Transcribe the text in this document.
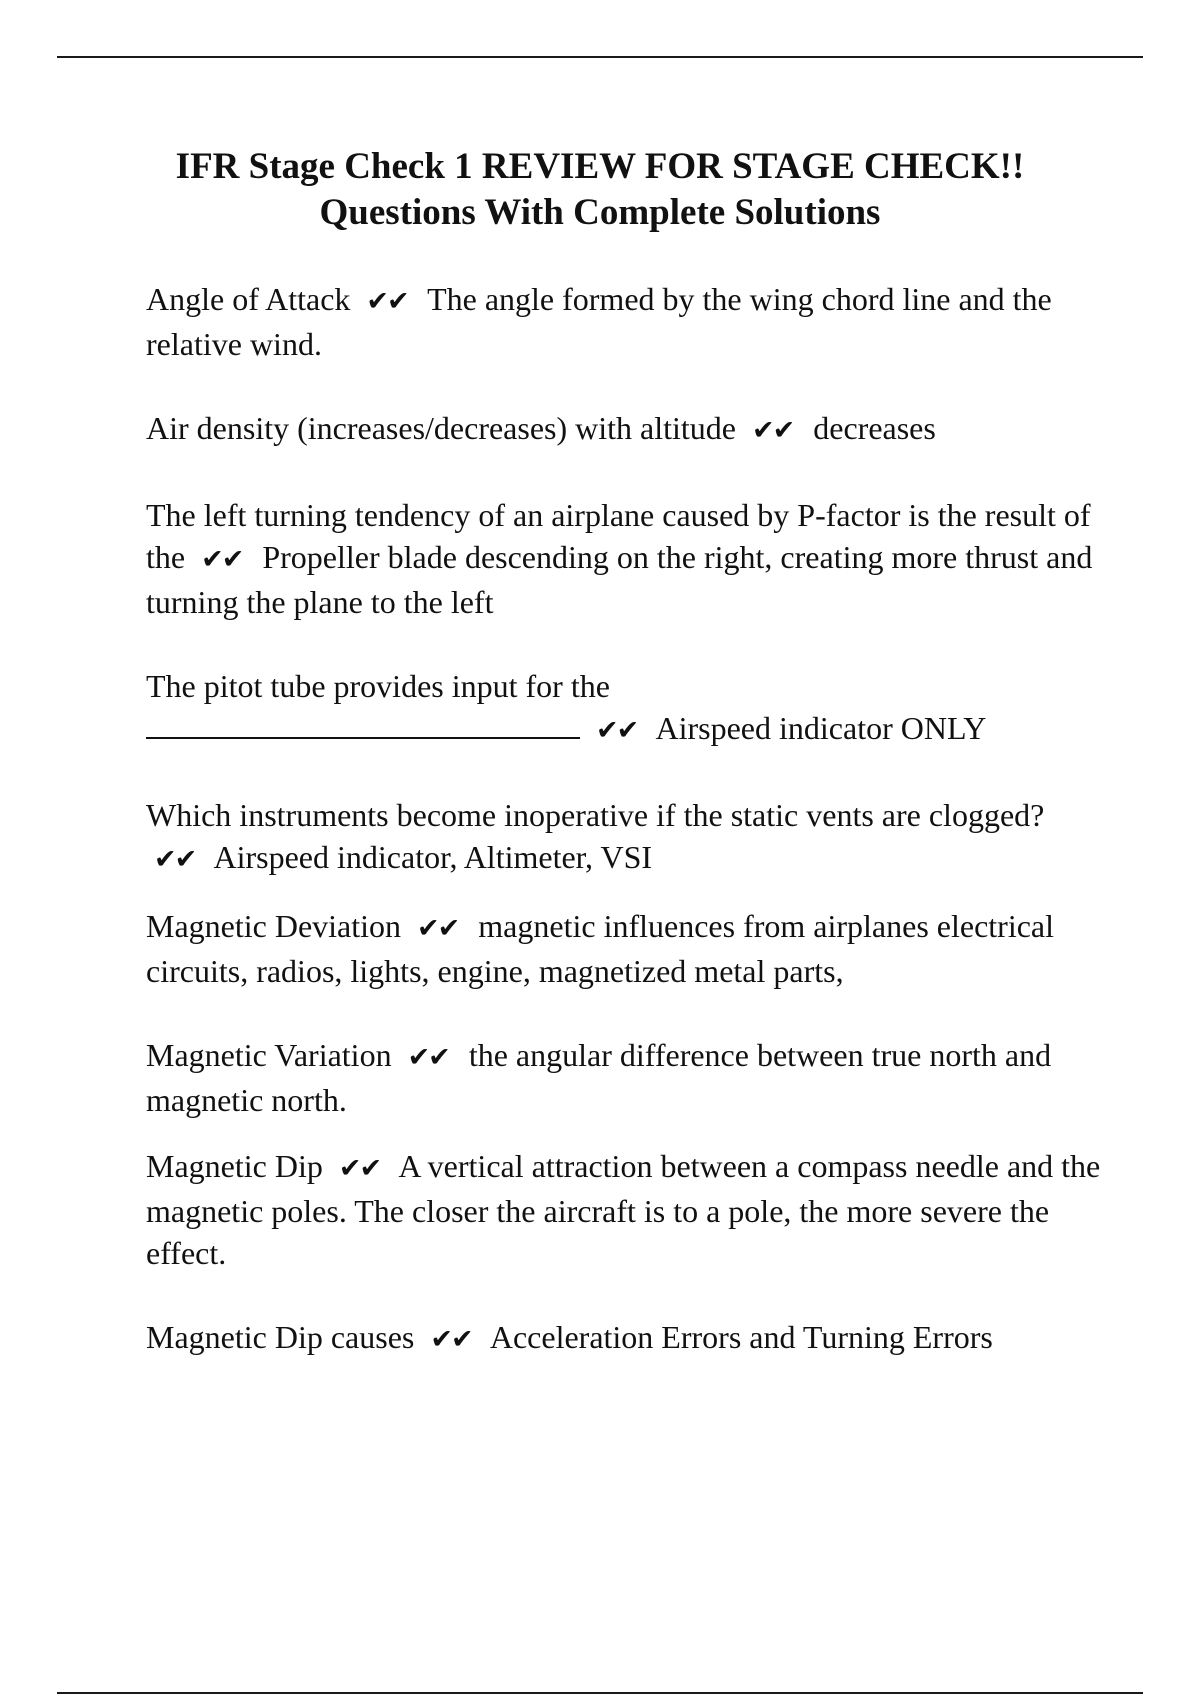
IFR Stage Check 1 REVIEW FOR STAGE CHECK!!
Questions With Complete Solutions

Angle of Attack ✔✔ The angle formed by the wing chord line and the relative wind.

Air density (increases/decreases) with altitude ✔✔ decreases

The left turning tendency of an airplane caused by P-factor is the result of the ✔✔ Propeller blade descending on the right, creating more thrust and turning the plane to the left

The pitot tube provides input for the
✔✔ Airspeed indicator ONLY

Which instruments become inoperative if the static vents are clogged? ✔✔ Airspeed indicator, Altimeter, VSI

Magnetic Deviation ✔✔ magnetic influences from airplanes electrical circuits, radios, lights, engine, magnetized metal parts,

Magnetic Variation ✔✔ the angular difference between true north and magnetic north.

Magnetic Dip ✔✔ A vertical attraction between a compass needle and the magnetic poles. The closer the aircraft is to a pole, the more severe the effect.

Magnetic Dip causes ✔✔ Acceleration Errors and Turning Errors
